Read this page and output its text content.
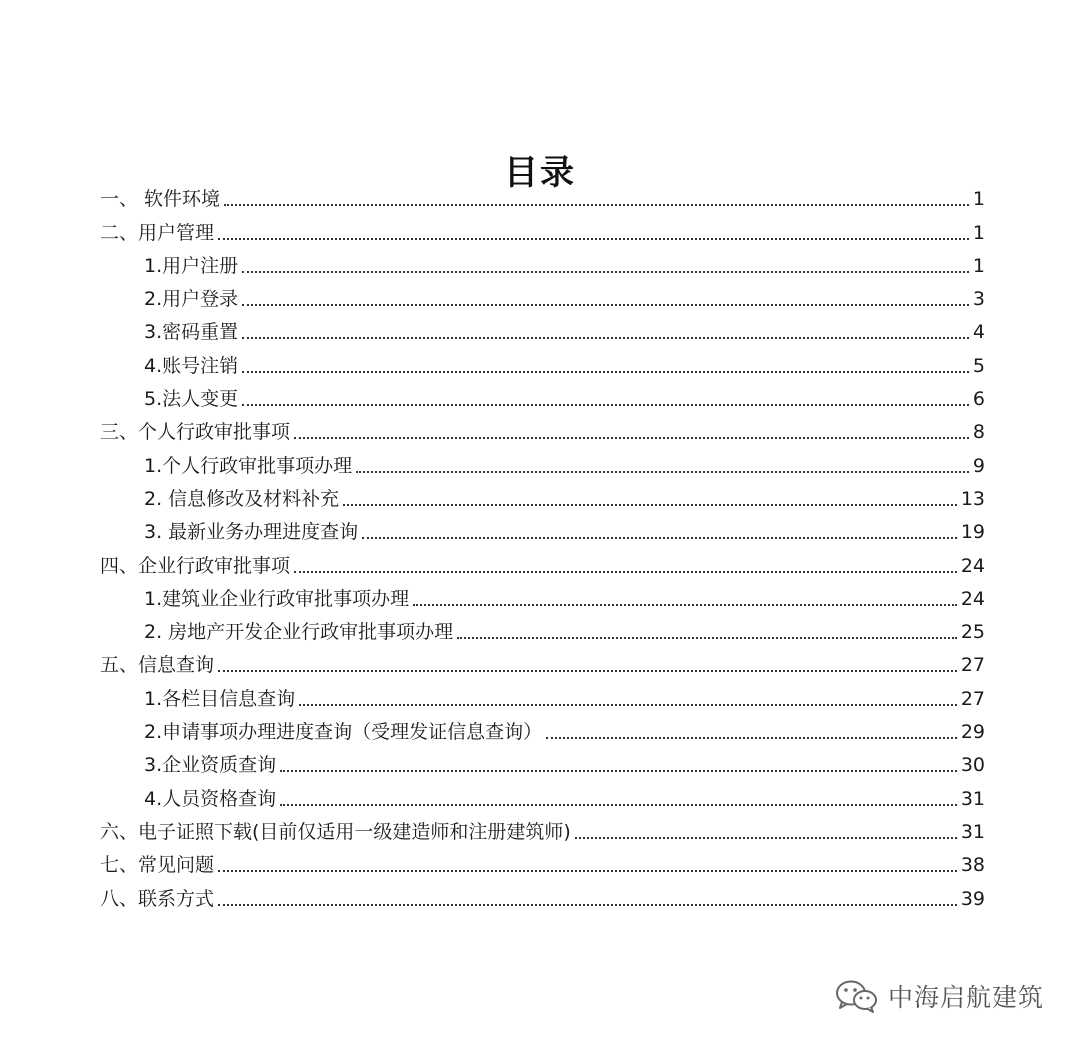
目录
一、 软件环境	1
二、用户管理	1
1.用户注册	1
2.用户登录	3
3.密码重置	4
4.账号注销	5
5.法人变更	6
三、个人行政审批事项	8
1.个人行政审批事项办理	9
2. 信息修改及材料补充	13
3. 最新业务办理进度查询	19
四、企业行政审批事项	24
1.建筑业企业行政审批事项办理	24
2. 房地产开发企业行政审批事项办理	25
五、信息查询	27
1.各栏目信息查询	27
2.申请事项办理进度查询（受理发证信息查询）	29
3.企业资质查询	30
4.人员资格查询	31
六、电子证照下载(目前仅适用一级建造师和注册建筑师)	31
七、常见问题	38
八、联系方式	39
中海启航建筑
